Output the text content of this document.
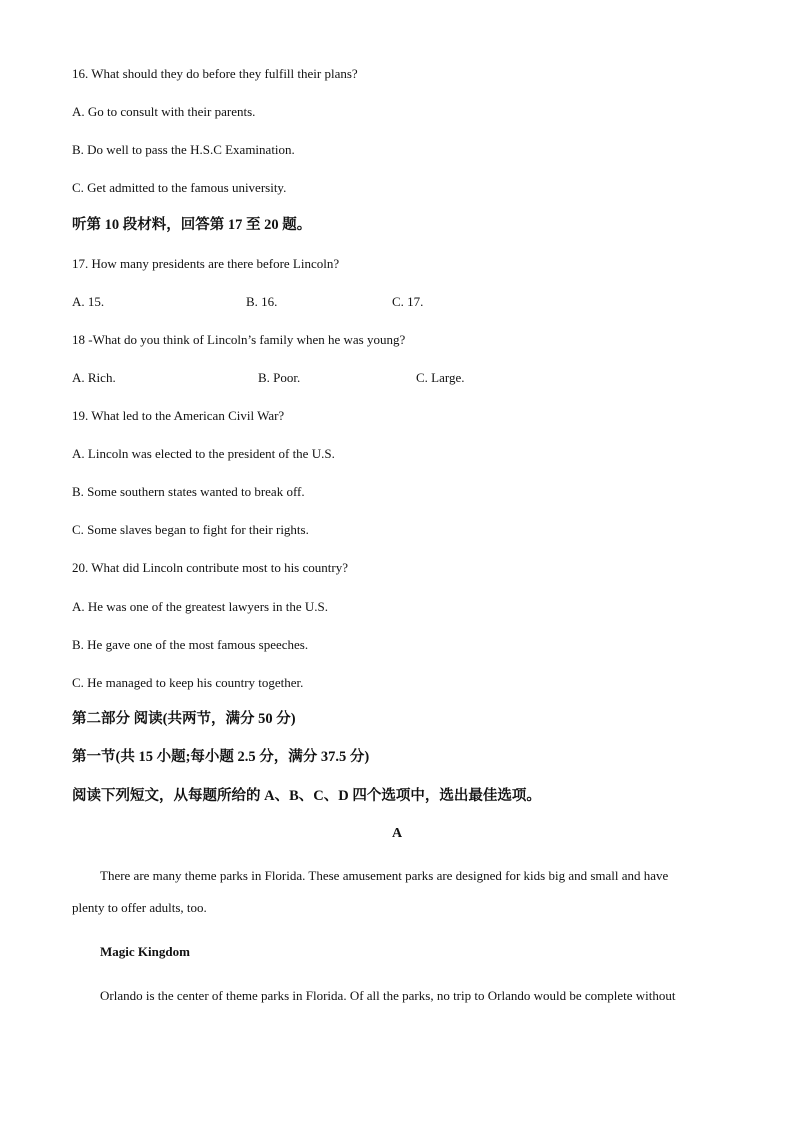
16. What should they do before they fulfill their plans?
A. Go to consult with their parents.
B. Do well to pass the H.S.C Examination.
C. Get admitted to the famous university.
听第 10 段材料，回答第 17 至 20 题。
17. How many presidents are there before Lincoln?
A. 15.	B. 16.	C. 17.
18 -What do you think of Lincoln’s family when he was young?
A. Rich.	B. Poor.	C. Large.
19. What led to the American Civil War?
A. Lincoln was elected to the president of the U.S.
B. Some southern states wanted to break off.
C. Some slaves began to fight for their rights.
20. What did Lincoln contribute most to his country?
A. He was one of the greatest lawyers in the U.S.
B. He gave one of the most famous speeches.
C. He managed to keep his country together.
第二部分 阅读(共两节，满分 50 分)
第一节(共 15 小题;每小题 2.5 分，满分 37.5 分)
阅读下列短文，从每题所给的 A、B、C、D 四个选项中，选出最佳选项。
A
There are many theme parks in Florida. These amusement parks are designed for kids big and small and have
plenty to offer adults, too.
Magic Kingdom
Orlando is the center of theme parks in Florida. Of all the parks, no trip to Orlando would be complete without
